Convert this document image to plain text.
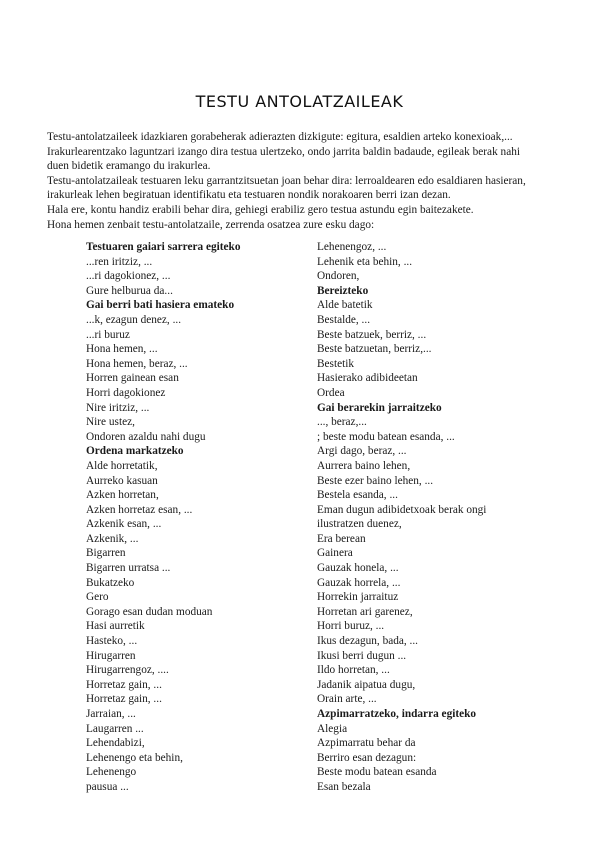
TESTU ANTOLATZAILEAK

Testu-antolatzaileek idazkiaren gorabeherak adierazten dizkigute: egitura, esaldien arteko konexioak,...

Irakurlearentzako laguntzari izango dira testua ulertzeko, ondo jarrita baldin badaude, egileak berak nahi

duen bidetik eramango du irakurlea.

Testu-antolatzaileak testuaren leku garrantzitsuetan joan behar dira: lerroaldearen edo esaldiaren hasieran,

irakurleak lehen begiratuan identifikatu eta testuaren nondik norakoaren berri izan dezan.

Hala ere, kontu handiz erabili behar dira, gehiegi erabiliz gero testua astundu egin baitezakete.

Hona hemen zenbait testu-antolatzaile, zerrenda osatzea zure esku dago:

Testuaren gaiari sarrera egiteko
...ren iritziz, ...
...ri dagokionez, ...
Gure helburua da...
Gai berri bati hasiera emateko
...k, ezagun denez, ...
...ri buruz
Hona hemen, ...
Hona hemen, beraz, ...
Horren gainean esan
Horri dagokionez
Nire iritziz, ...
Nire ustez,
Ondoren azaldu nahi dugu
Ordena markatzeko
Alde horretatik,
Aurreko kasuan
Azken horretan,
Azken horretaz esan, ...
Azkenik esan, ...
Azkenik, ...
Bigarren
Bigarren urratsa ...
Bukatzeko
Gero
Gorago esan dudan moduan
Hasi aurretik
Hasteko, ...
Hirugarren
Hirugarrengoz, ....
Horretaz gain, ...
Horretaz gain, ...
Jarraian, ...
Laugarren ...
Lehendabizi,
Lehenengo eta behin,
Lehenengo
pausua ...
Lehenengoz, ...
Lehenik eta behin, ...
Ondoren,
Bereizteko
Alde batetik
Bestalde, ...
Beste batzuek, berriz, ...
Beste batzuetan, berriz,...
Bestetik
Hasierako adibideetan
Ordea
Gai berarekin jarraitzeko
..., beraz,...
; beste modu batean esanda, ...
Argi dago, beraz, ...
Aurrera baino lehen,
Beste ezer baino lehen, ...
Bestela esanda, ...
Eman dugun adibidetxoak berak ongi
ilustratzen duenez,
Era berean
Gainera
Gauzak honela, ...
Gauzak horrela, ...
Horrekin jarraituz
Horretan ari garenez,
Horri buruz, ...
Ikus dezagun, bada, ...
Ikusi berri dugun ...
Ildo horretan, ...
Jadanik aipatua dugu,
Orain arte, ...
Azpimarratzeko, indarra egiteko
Alegia
Azpimarratu behar da
Berriro esan dezagun:
Beste modu batean esanda
Esan bezala
